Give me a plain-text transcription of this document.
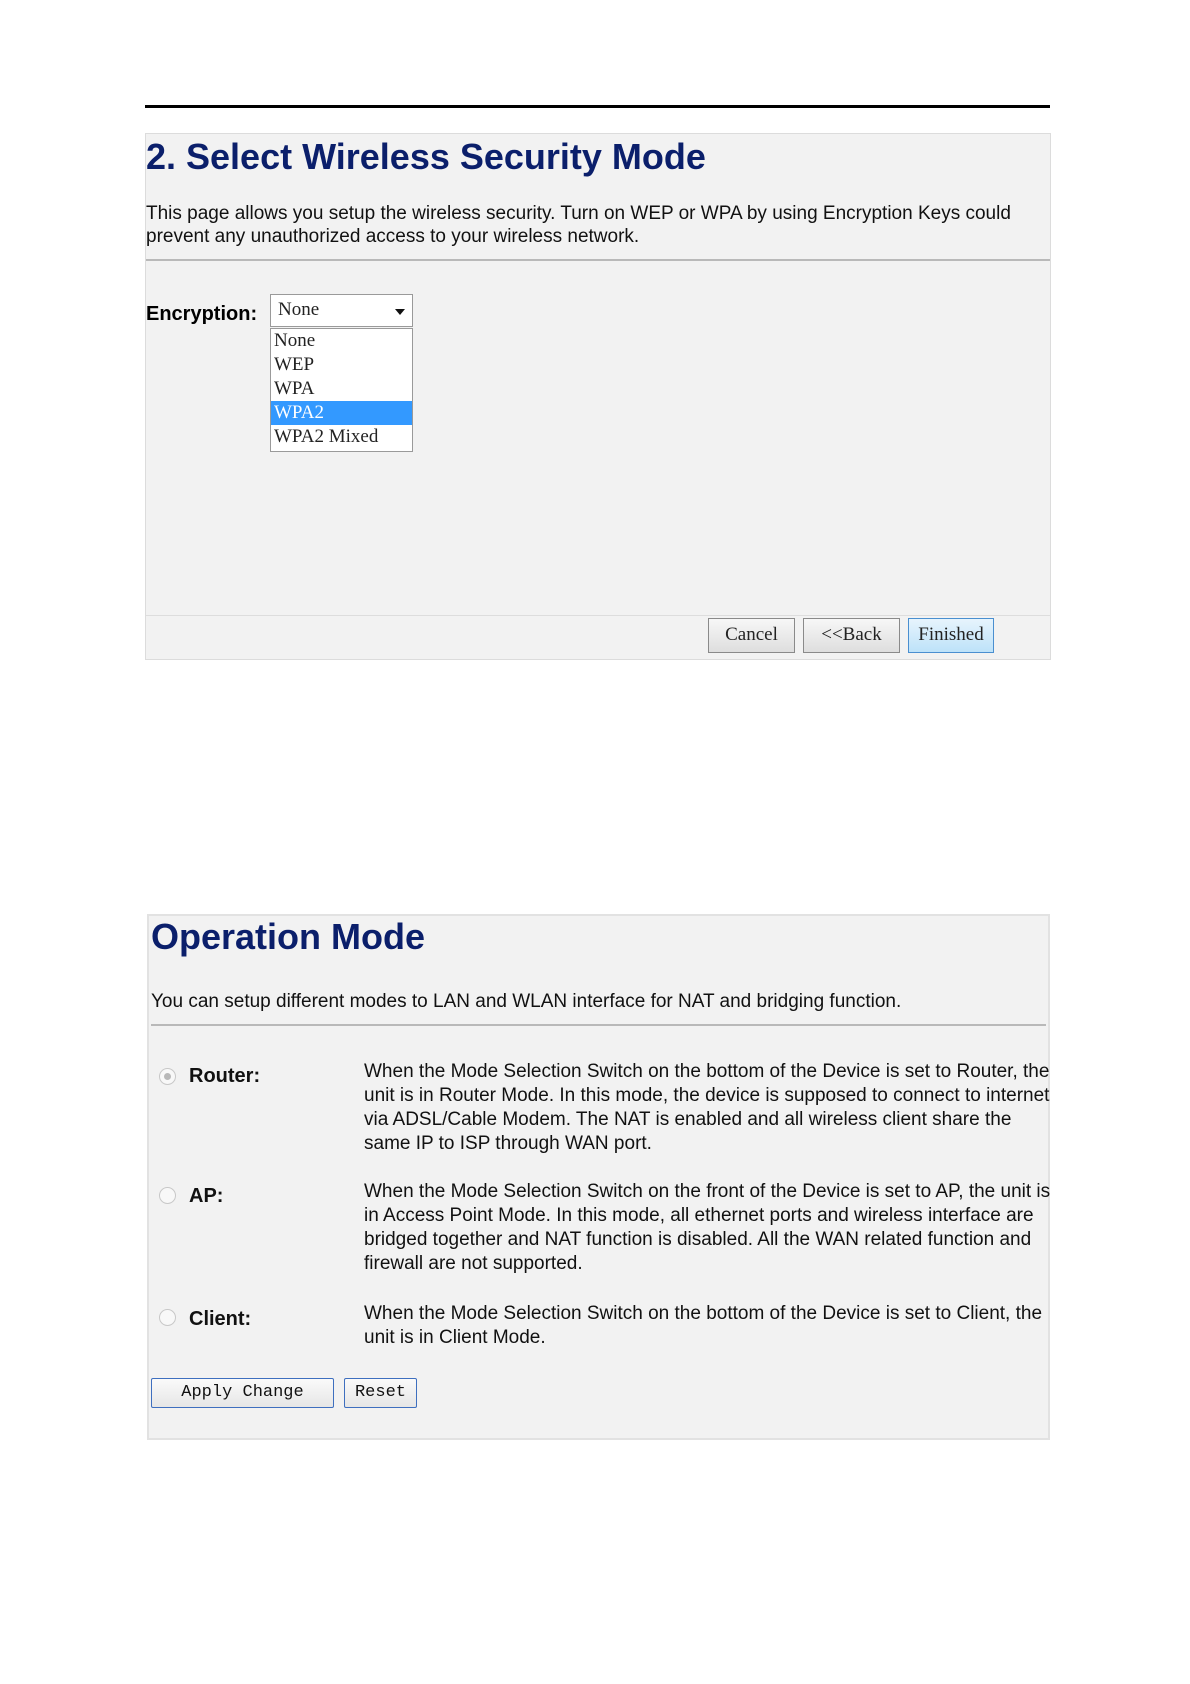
2. Select Wireless Security Mode
This page allows you setup the wireless security. Turn on WEP or WPA by using Encryption Keys could prevent any unauthorized access to your wireless network.
Encryption: None
None
WEP
WPA
WPA2
WPA2 Mixed
Cancel	<<Back	Finished
Operation Mode
You can setup different modes to LAN and WLAN interface for NAT and bridging function.
Router:	When the Mode Selection Switch on the bottom of the Device is set to Router, the unit is in Router Mode. In this mode, the device is supposed to connect to internet via ADSL/Cable Modem. The NAT is enabled and all wireless client share the same IP to ISP through WAN port.
AP:	When the Mode Selection Switch on the front of the Device is set to AP, the unit is in Access Point Mode. In this mode, all ethernet ports and wireless interface are bridged together and NAT function is disabled. All the WAN related function and firewall are not supported.
Client:	When the Mode Selection Switch on the bottom of the Device is set to Client, the unit is in Client Mode.
Apply Change	Reset
